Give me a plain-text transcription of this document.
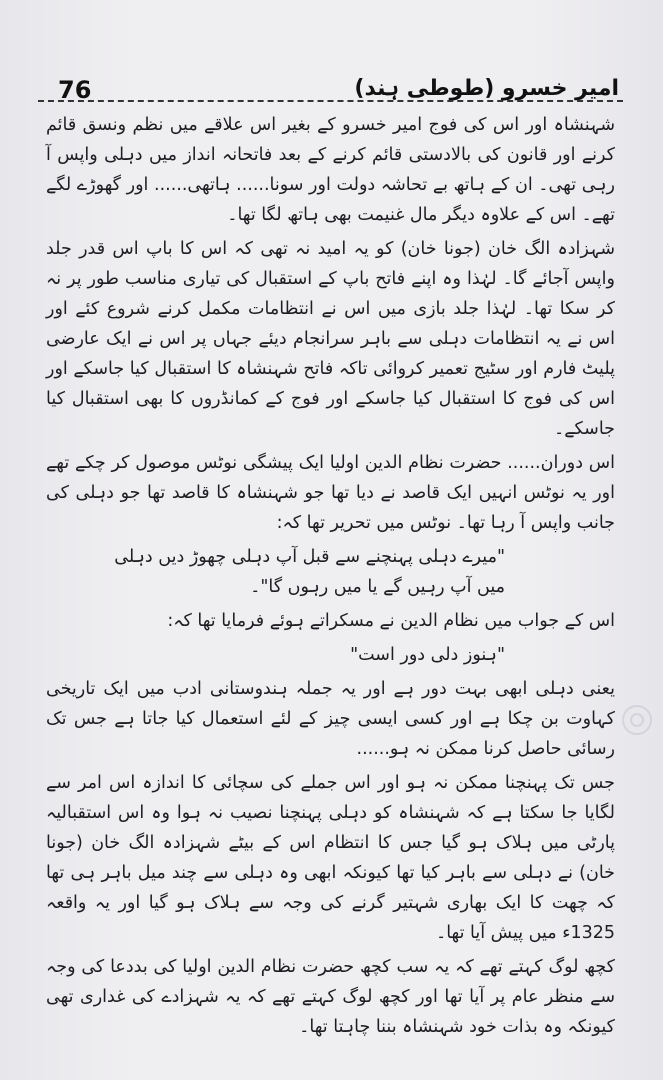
76	امیر خسرو (طوطی ہند)

شہنشاہ اور اس کی فوج امیر خسرو کے بغیر اس علاقے میں نظم ونسق قائم کرنے اور قانون کی بالادستی قائم کرنے کے بعد فاتحانہ انداز میں دہلی واپس آ رہی تھی۔ ان کے ہاتھ بے تحاشہ دولت اور سونا...... ہاتھی...... اور گھوڑے لگے تھے۔ اس کے علاوہ دیگر مال غنیمت بھی ہاتھ لگا تھا۔

شہزادہ الگ خان (جونا خان) کو یہ امید نہ تھی کہ اس کا باپ اس قدر جلد واپس آجائے گا۔ لہٰذا وہ اپنے فاتح باپ کے استقبال کی تیاری مناسب طور پر نہ کر سکا تھا۔ لہٰذا جلد بازی میں اس نے انتظامات مکمل کرنے شروع کئے اور اس نے یہ انتظامات دہلی سے باہر سرانجام دیئے جہاں پر اس نے ایک عارضی پلیٹ فارم اور سٹیج تعمیر کروائی تاکہ فاتح شہنشاہ کا استقبال کیا جاسکے اور اس کی فوج کا استقبال کیا جاسکے اور فوج کے کمانڈروں کا بھی استقبال کیا جاسکے۔

اس دوران...... حضرت نظام الدین اولیا ایک پیشگی نوٹس موصول کر چکے تھے اور یہ نوٹس انہیں ایک قاصد نے دیا تھا جو شہنشاہ کا قاصد تھا جو دہلی کی جانب واپس آ رہا تھا۔ نوٹس میں تحریر تھا کہ:

"میرے دہلی پہنچنے سے قبل آپ دہلی چھوڑ دیں دہلی میں آپ رہیں گے یا میں رہوں گا"۔

اس کے جواب میں نظام الدین نے مسکراتے ہوئے فرمایا تھا کہ:

"ہنوز دلی دور است"

یعنی دہلی ابھی بہت دور ہے اور یہ جملہ ہندوستانی ادب میں ایک تاریخی کہاوت بن چکا ہے اور کسی ایسی چیز کے لئے استعمال کیا جاتا ہے جس تک رسائی حاصل کرنا ممکن نہ ہو......

جس تک پہنچنا ممکن نہ ہو اور اس جملے کی سچائی کا اندازہ اس امر سے لگایا جا سکتا ہے کہ شہنشاہ کو دہلی پہنچنا نصیب نہ ہوا وہ اس استقبالیہ پارٹی میں ہلاک ہو گیا جس کا انتظام اس کے بیٹے شہزادہ الگ خان (جونا خان) نے دہلی سے باہر کیا تھا کیونکہ ابھی وہ دہلی سے چند میل باہر ہی تھا کہ چھت کا ایک بھاری شہتیر گرنے کی وجہ سے ہلاک ہو گیا اور یہ واقعہ 1325ء میں پیش آیا تھا۔

کچھ لوگ کہتے تھے کہ یہ سب کچھ حضرت نظام الدین اولیا کی بددعا کی وجہ سے منظر عام پر آیا تھا اور کچھ لوگ کہتے تھے کہ یہ شہزادے کی غداری تھی کیونکہ وہ بذات خود شہنشاہ بننا چاہتا تھا۔
